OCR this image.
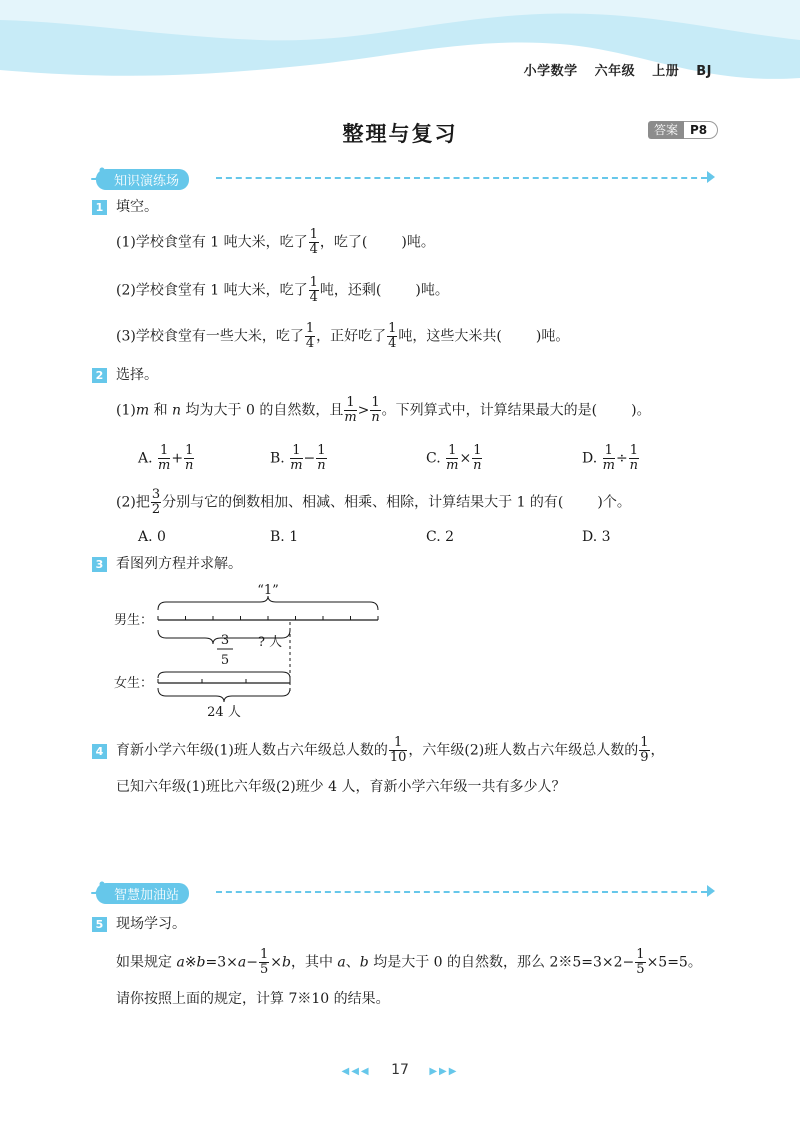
小学数学 六年级 上册 BJ
整理与复习	答案	P8
知识演练场
1 填空。
(1)学校食堂有 1 吨大米，吃了 $\frac{1}{4}$ ，吃了( )吨。
(2)学校食堂有 1 吨大米，吃了 $\frac{1}{4}$ 吨，还剩( )吨。
(3)学校食堂有一些大米，吃了 $\frac{1}{4}$ ，正好吃了 $\frac{1}{4}$ 吨，这些大米共( )吨。
2 选择。
(1)m 和 n 均为大于 0 的自然数，且 $\frac{1}{m}> \frac{1}{n}$。下列算式中，计算结果最大的是( )。
A. $\frac{1}{m}+ \frac{1}{n}$	B. $\frac{1}{m}- \frac{1}{n}$	C. $\frac{1}{m}\times \frac{1}{n}$	D. $\frac{1}{m}\div \frac{1}{n}$
(2)把 $\frac{3}{2}$ 分别与它的倒数相加、相减、相乘、相除，计算结果大于 1 的有( )个。
A. 0	B. 1	C. 2	D. 3
3 看图列方程并求解。
男生：
“1”
? 人
3
5
女生：
24 人
4 育新小学六年级(1)班人数占六年级总人数的 $\frac{1}{10}$ ，六年级(2)班人数占六年级总人数的 $\frac{1}{9}$ ，
已知六年级(1)班比六年级(2)班少 4 人，育新小学六年级一共有多少人？
智慧加油站
5 现场学习。
如果规定 a※b=3×a− $\frac{1}{5} \times b$，其中 a、b 均是大于 0 的自然数，那么 2※5=3×2− $\frac{1}{5} \times 5=5$。
请你按照上面的规定，计算 7※10 的结果。
◀◀◀ 17 ▶▶▶
